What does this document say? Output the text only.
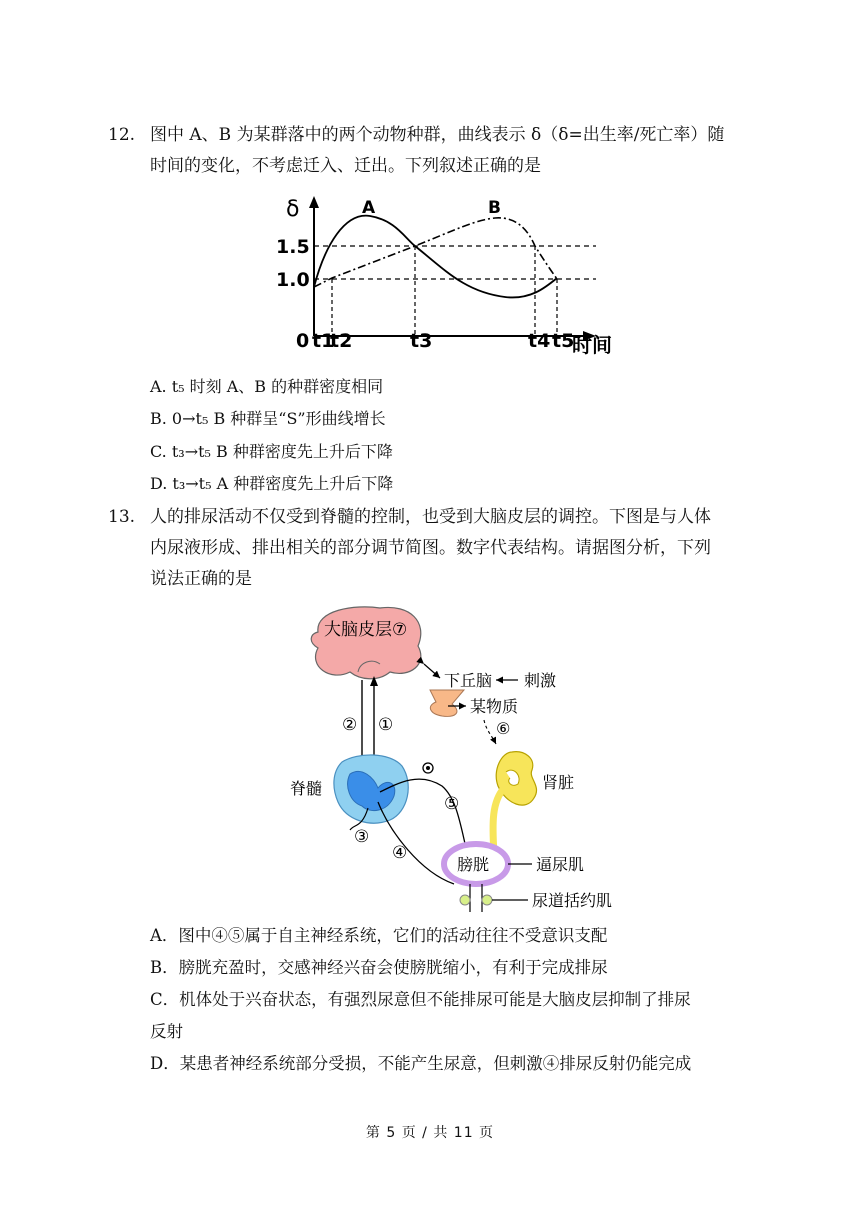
12. 图中 A、B 为某群落中的两个动物种群，曲线表示 δ（δ=出生率/死亡率）随
时间的变化，不考虑迁入、迁出。下列叙述正确的是
δ
1.5
1.0
A	B
0 t1
t2	t3	t4 t5
时间
A. t₅ 时刻 A、B 的种群密度相同
B. 0→t₅ B 种群呈“S”形曲线增长
C. t₃→t₅ B 种群密度先上升后下降
D. t₃→t₅ A 种群密度先上升后下降
13. 人的排尿活动不仅受到脊髓的控制，也受到大脑皮层的调控。下图是与人体
内尿液形成、排出相关的部分调节简图。数字代表结构。请据图分析，下列
说法正确的是
大脑皮层⑦
下丘脑 刺激
某物质
⑥
肾脏
② ①
脊髓
⑤
③
④
膀胱	逼尿肌
尿道括约肌
A．图中④⑤属于自主神经系统，它们的活动往往不受意识支配
B．膀胱充盈时，交感神经兴奋会使膀胱缩小，有利于完成排尿
C．机体处于兴奋状态，有强烈尿意但不能排尿可能是大脑皮层抑制了排尿
反射
D．某患者神经系统部分受损，不能产生尿意，但刺激④排尿反射仍能完成
第 5 页 / 共 11 页
